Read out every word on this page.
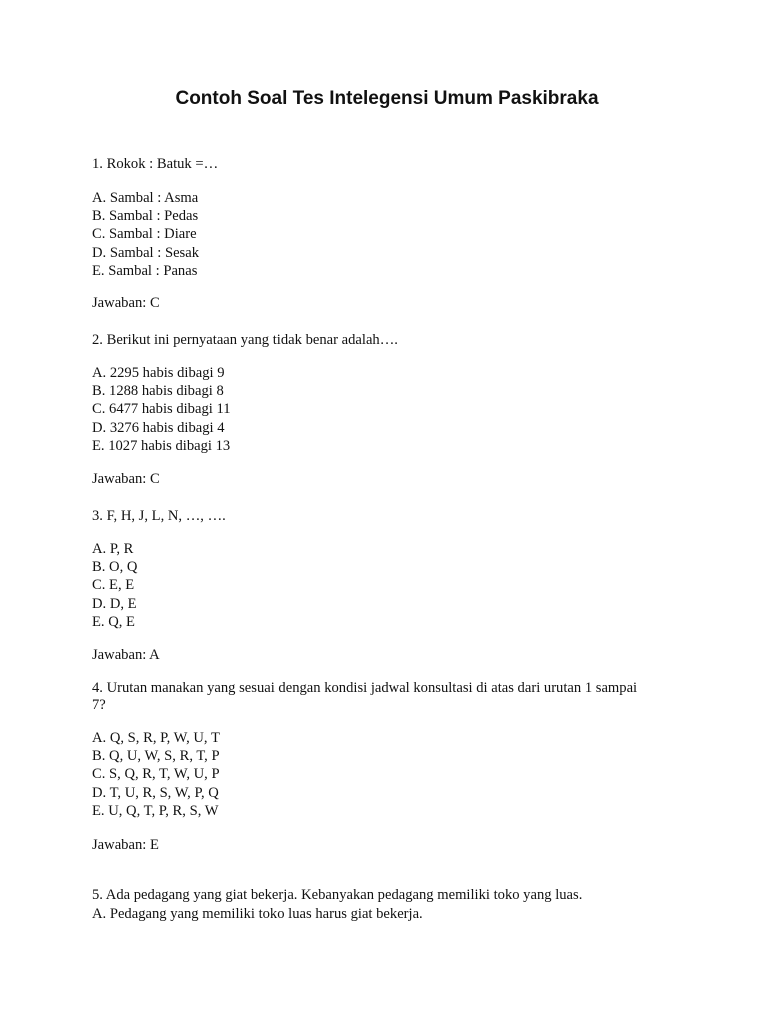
Contoh Soal Tes Intelegensi Umum Paskibraka
1. Rokok : Batuk =…
A. Sambal : Asma
B. Sambal : Pedas
C. Sambal : Diare
D. Sambal : Sesak
E. Sambal : Panas
Jawaban: C
2. Berikut ini pernyataan yang tidak benar adalah….
A. 2295 habis dibagi 9
B. 1288 habis dibagi 8
C. 6477 habis dibagi 11
D. 3276 habis dibagi 4
E. 1027 habis dibagi 13
Jawaban: C
3. F, H, J, L, N, …, ….
A. P, R
B. O, Q
C. E, E
D. D, E
E. Q, E
Jawaban: A
4. Urutan manakan yang sesuai dengan kondisi jadwal konsultasi di atas dari urutan 1 sampai
7?
A. Q, S, R, P, W, U, T
B. Q, U, W, S, R, T, P
C. S, Q, R, T, W, U, P
D. T, U, R, S, W, P, Q
E. U, Q, T, P, R, S, W
Jawaban: E
5. Ada pedagang yang giat bekerja. Kebanyakan pedagang memiliki toko yang luas.
A. Pedagang yang memiliki toko luas harus giat bekerja.
